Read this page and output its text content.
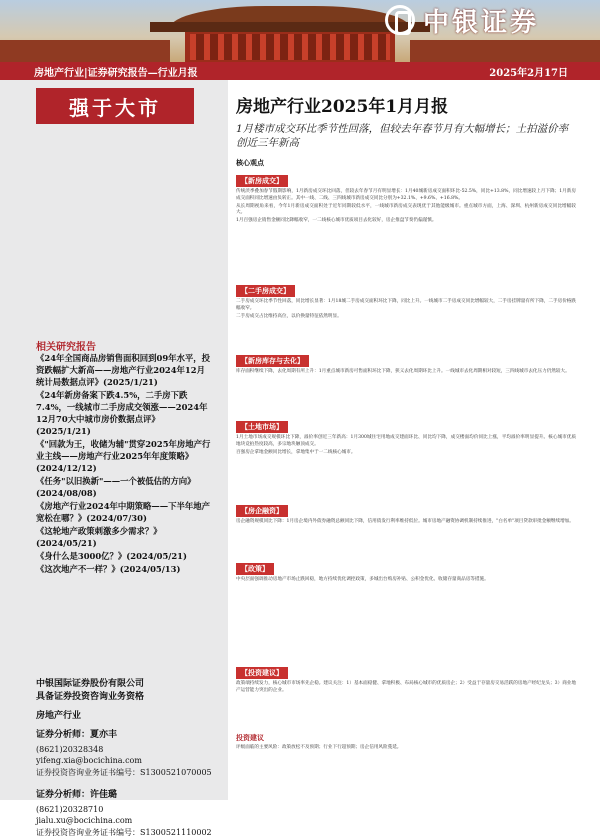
中银证券
房地产行业|证券研究报告—行业月报	2025年2月17日
强于大市
相关研究报告
《24年全国商品房销售面积回到09年水平，投资跌幅扩大新高——房地产行业2024年12月统计局数据点评》(2025/1/21)
《24年新房备案下跌4.5%，二手房下跌7.4%，一线城市二手房成交领涨——2024年12月70大中城市房价数据点评》(2025/1/21)
《"回款为王，收储为辅"贯穿2025年房地产行业主线——房地产行业2025年年度策略》(2024/12/12)
《任务"以旧换新"——一个被低估的方向》(2024/08/08)
《房地产行业2024年中期策略——下半年地产宽松在哪？》(2024/07/30)
《这轮地产政策刺激多少需求？》(2024/05/21)
《身什么是3000亿？》(2024/05/21)
《这次地产不一样？》(2024/05/13)
中银国际证券股份有限公司
具备证券投资咨询业务资格
房地产行业
证券分析师：夏亦丰
(8621)20328348
yifeng.xia@bocichina.com
证券投资咨询业务证书编号：S1300521070005
证券分析师：许佳璐
(8621)20328710
jialu.xu@bocichina.com
证券投资咨询业务证书编号：S1300521110002
房地产行业2025年1月月报
1月楼市成交环比季节性回落，但较去年春节月有大幅增长；土拍溢价率创近三年新高
核心观点
【新房成交】

传统淡季叠加春节假期影响，1月新房成交环比回落，但较去年春节月有明显增长：1月40城新房成交面积环比-52.5%，同比+13.8%，同比增速较上月下降；1月新房成交面积同比增速由负转正。其中一线、二线、三四线城市新房成交同比分别为+32.1%、+9.6%、+16.8%。

从长周期视角来看，今年1月新房成交面积处于近年同期较低水平，一线城市新房成交表现优于其他能级城市。重点城市方面，上海、深圳、杭州新房成交同比增幅较大。

1月百强房企销售金额同比降幅收窄，一二线核心城市优质项目去化较好，房企推盘节奏仍偏谨慎。

【二手房成交】

二手房成交环比季节性回落，同比增长显著：1月18城二手房成交面积环比下降，同比上升。一线城市二手房成交同比增幅较大，二手房挂牌量有所下降，二手房价格跌幅收窄。

二手房成交占比维持高位，以价换量特征依然明显。

【新房库存与去化】

库存面积继续下降，去化周期有所上升：1月重点城市新房可售面积环比下降，狭义去化周期环比上升。一线城市去化周期相对较短，三四线城市去化压力仍然较大。

【土地市场】

1月土地市场成交规模环比下降，溢价率创近三年新高：1月300城住宅用地成交建面环比、同比均下降，成交楼面均价同比上涨，平均溢价率明显提升。核心城市优质地块竞拍热度较高，多宗地块触顶成交。

百强房企拿地金额同比增长，拿地集中于一二线核心城市。

【房企融资】

房企融资规模同比下降：1月房企境内外债券融资总额同比下降，信用债发行利率维持低位。城市房地产融资协调机制持续推进，"白名单"项目贷款审批金额继续增加。

【政策】

中央层面强调推动房地产市场止跌回稳，地方持续优化调控政策，多城出台购房补贴、公积金优化、收储存量商品房等措施。

【投资建议】

政策端持续发力，核心城市市场率先企稳。建议关注：1）基本面稳健、拿地积极、布局核心城市的优质房企；2）受益于存量房交易活跃的房地产经纪龙头；3）商业地产运营能力突出的企业。

投资建议
评级面临的主要风险：政策放松不及预期；行业下行超预期；房企信用风险蔓延。
